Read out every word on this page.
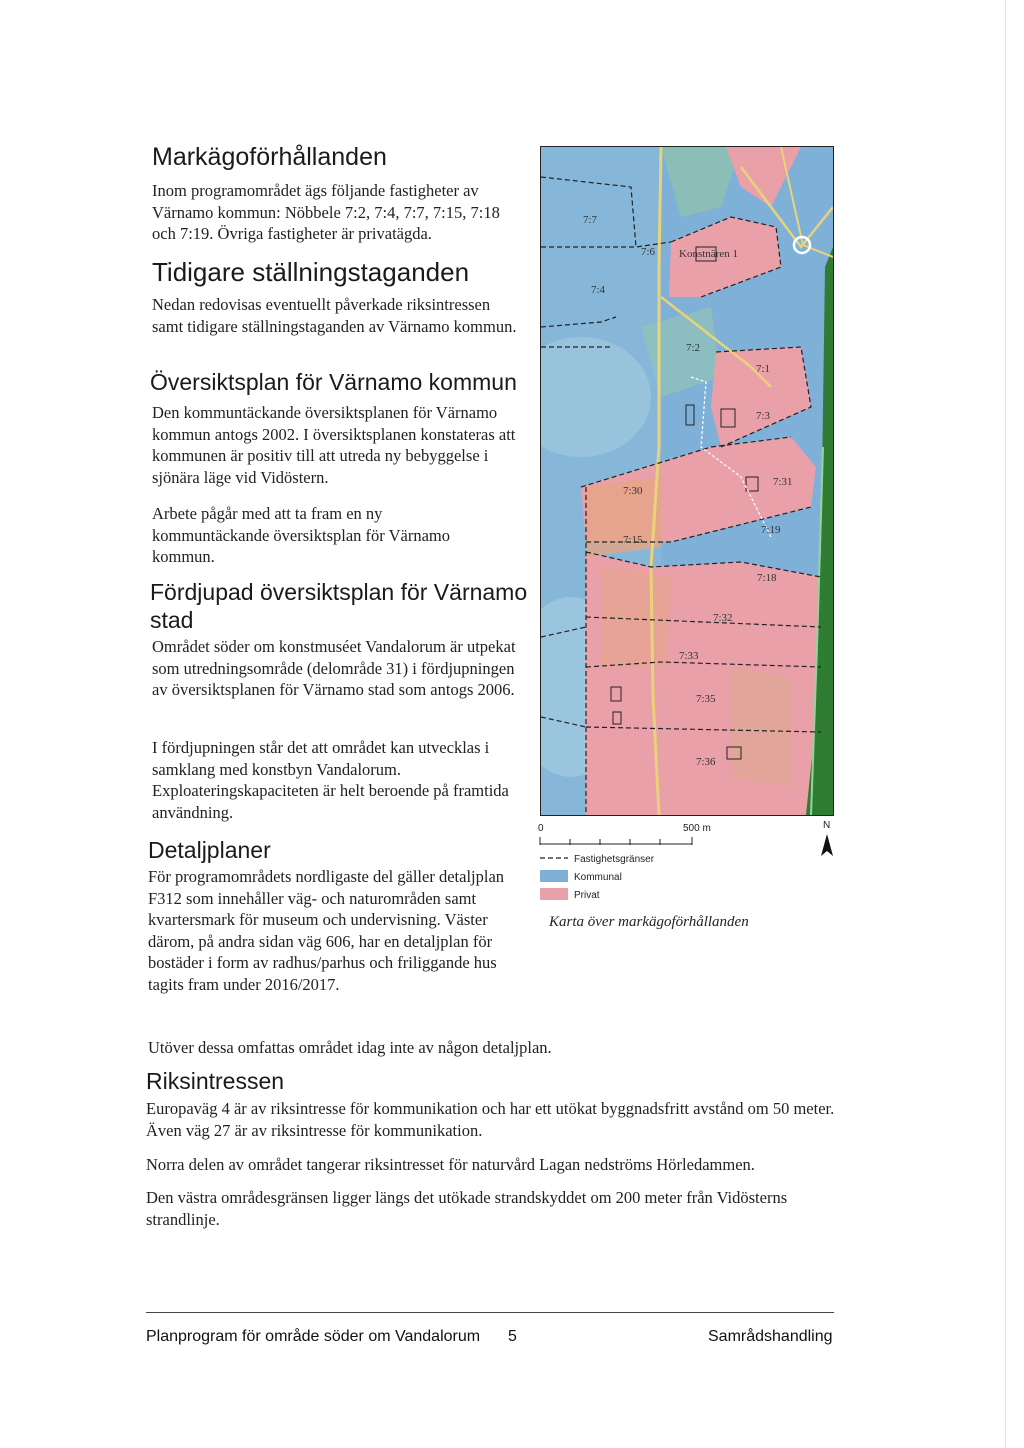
Markägoförhållanden

Inom programområdet ägs följande fastigheter av Värnamo kommun: Nöbbele 7:2, 7:4, 7:7, 7:15, 7:18 och 7:19. Övriga fastigheter är privatägda.

Tidigare ställningstaganden

Nedan redovisas eventuellt påverkade riksintressen samt tidigare ställningstaganden av Värnamo kommun.

Översiktsplan för Värnamo kommun

Den kommuntäckande översiktsplanen för Värnamo kommun antogs 2002. I översiktsplanen konstateras att kommunen är positiv till att utreda ny bebyggelse i sjönära läge vid Vidöstern.

Arbete pågår med att ta fram en ny kommuntäckande översiktsplan för Värnamo kommun.

Fördjupad översiktsplan för Värnamo stad

Området söder om konstmuséet Vandalorum är utpekat som utredningsområde (delområde 31) i fördjupningen av översiktsplanen för Värnamo stad som antogs 2006.

I fördjupningen står det att området kan utvecklas i samklang med konstbyn Vandalorum. Exploateringskapaciteten är helt beroende på framtida användning.

Detaljplaner

För programområdets nordligaste del gäller detaljplan F312 som innehåller väg- och naturområden samt kvartersmark för museum och undervisning. Väster därom, på andra sidan väg 606, har en detaljplan för bostäder i form av radhus/parhus och friliggande hus tagits fram under 2016/2017.

Utöver dessa omfattas området idag inte av någon detaljplan.

Riksintressen

Europaväg 4 är av riksintresse för kommunikation och har ett utökat byggnadsfritt avstånd om 50 meter. Även väg 27 är av riksintresse för kommunikation.

Norra delen av området tangerar riksintresset för naturvård Lagan nedströms Hörledammen.

Den västra områdesgränsen ligger längs det utökade strandskyddet om 200 meter från Vidösterns strandlinje.

7:7
7:6 Konstnären 1
7:4
7:2
7:1
7:3
7:30
7:31
7:19
7:15
7:18
7:32
7:33
7:35
7:36
0	500 m
Fastighetsgränser
Kommunal
Privat
N
Karta över markägoförhållanden
Planprogram för område söder om Vandalorum 5	Samrådshandling
